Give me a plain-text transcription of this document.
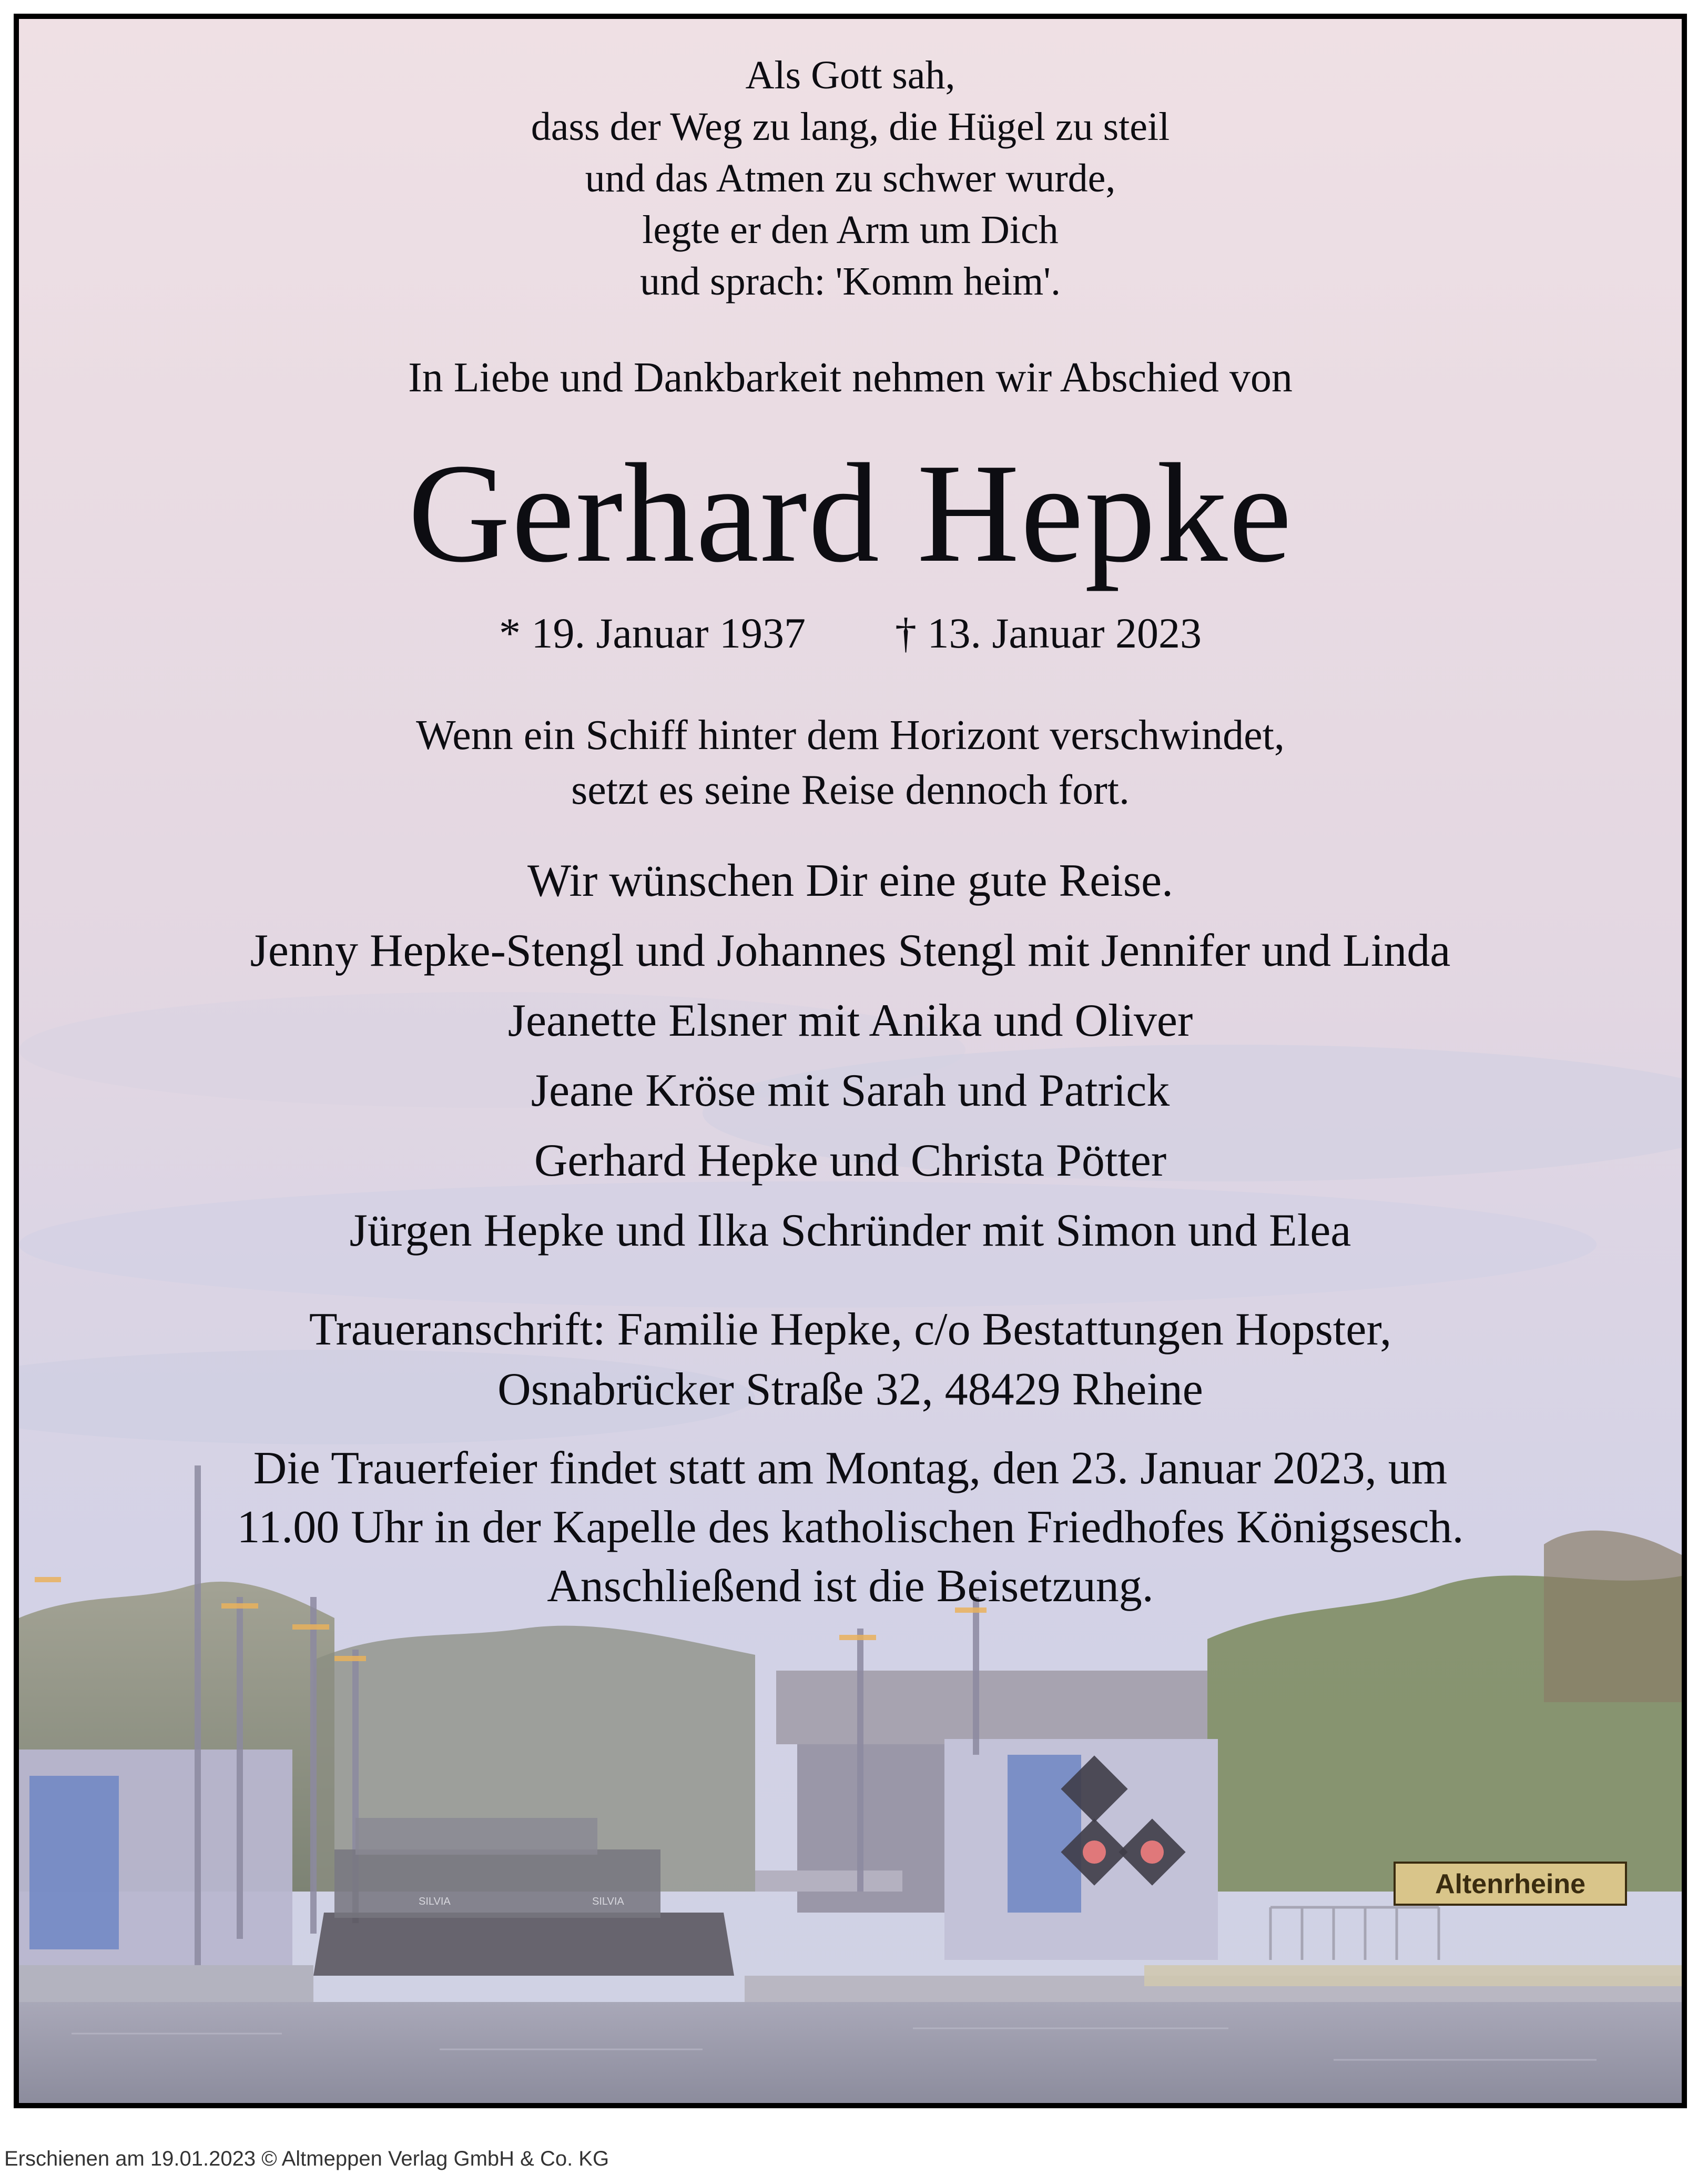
SILVIA	SILVIA
Altenrheine
Als Gott sah,
dass der Weg zu lang, die Hügel zu steil
und das Atmen zu schwer wurde,
legte er den Arm um Dich
und sprach: 'Komm heim'.
In Liebe und Dankbarkeit nehmen wir Abschied von
Gerhard Hepke
* 19. Januar 1937 † 13. Januar 2023
Wenn ein Schiff hinter dem Horizont verschwindet,
setzt es seine Reise dennoch fort.
Wir wünschen Dir eine gute Reise.
Jenny Hepke-Stengl und Johannes Stengl mit Jennifer und Linda
Jeanette Elsner mit Anika und Oliver
Jeane Kröse mit Sarah und Patrick
Gerhard Hepke und Christa Pötter
Jürgen Hepke und Ilka Schründer mit Simon und Elea
Traueranschrift: Familie Hepke, c/o Bestattungen Hopster,
Osnabrücker Straße 32, 48429 Rheine
Die Trauerfeier findet statt am Montag, den 23. Januar 2023, um
11.00 Uhr in der Kapelle des katholischen Friedhofes Königsesch.
Anschließend ist die Beisetzung.
Erschienen am 19.01.2023 © Altmeppen Verlag GmbH & Co. KG
